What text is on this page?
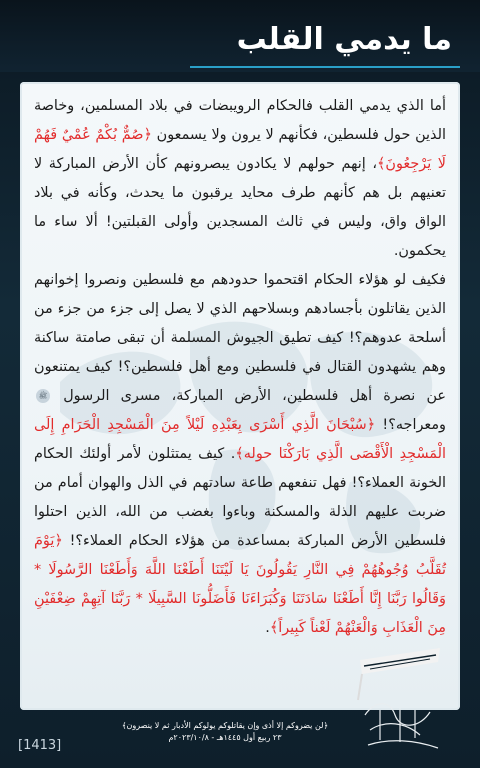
ما يدمي القلب

أما الذي يدمي القلب فالحكام الرويبضات في بلاد المسلمين، وخاصة الذين حول فلسطين، فكأنهم لا يرون ولا يسمعون ﴿صُمٌّ بُكْمٌ عُمْيٌ فَهُمْ لَا يَرْجِعُونَ﴾، إنهم حولهم لا يكادون يبصرونهم كأن الأرض المباركة لا تعنيهم بل هم كأنهم طرف محايد يرقبون ما يحدث، وكأنه في بلاد الواق واق، وليس في ثالث المسجدين وأولى القبلتين! ألا ساء ما يحكمون.

فكيف لو هؤلاء الحكام اقتحموا حدودهم مع فلسطين ونصروا إخوانهم الذين يقاتلون بأجسادهم وبسلاحهم الذي لا يصل إلى جزء من جزء من أسلحة عدوهم؟! كيف تطيق الجيوش المسلمة أن تبقى صامتة ساكنة وهم يشهدون القتال في فلسطين ومع أهل فلسطين؟! كيف يمتنعون عن نصرة أهل فلسطين، الأرض المباركة، مسرى الرسول ﷺ ومعراجه؟! ﴿سُبْحَانَ الَّذِي أَسْرَى بِعَبْدِهِ لَيْلاً مِنَ الْمَسْجِدِ الْحَرَامِ إِلَى الْمَسْجِدِ الْأَقْصَى الَّذِي بَارَكْنَا حوله﴾. كيف يمتثلون لأمر أولئك الحكام الخونة العملاء؟! فهل تنفعهم طاعة سادتهم في الذل والهوان أمام من ضربت عليهم الذلة والمسكنة وباءوا بغضب من الله، الذين احتلوا فلسطين الأرض المباركة بمساعدة من هؤلاء الحكام العملاء؟! ﴿يَوْمَ تُقَلَّبُ وُجُوهُهُمْ فِي النَّارِ يَقُولُونَ يَا لَيْتَنَا أَطَعْنَا اللَّهَ وَأَطَعْنَا الرَّسُولَا * وَقَالُوا رَبَّنَا إِنَّا أَطَعْنَا سَادَتَنَا وَكُبَرَاءَنَا فَأَضَلُّونَا السَّبِيلَا * رَبَّنَا آتِهِمْ ضِعْفَيْنِ مِنَ الْعَذَابِ وَالْعَنْهُمْ لَعْناً كَبِيراً﴾.

﴿لن يضروكم إلا أذى وإن يقاتلوكم يولوكم الأدبار ثم لا ينصرون﴾
٢٣ ربيع أول ١٤٤٥هـ - ٢٠٢٣/١٠/٨م
[1413]
